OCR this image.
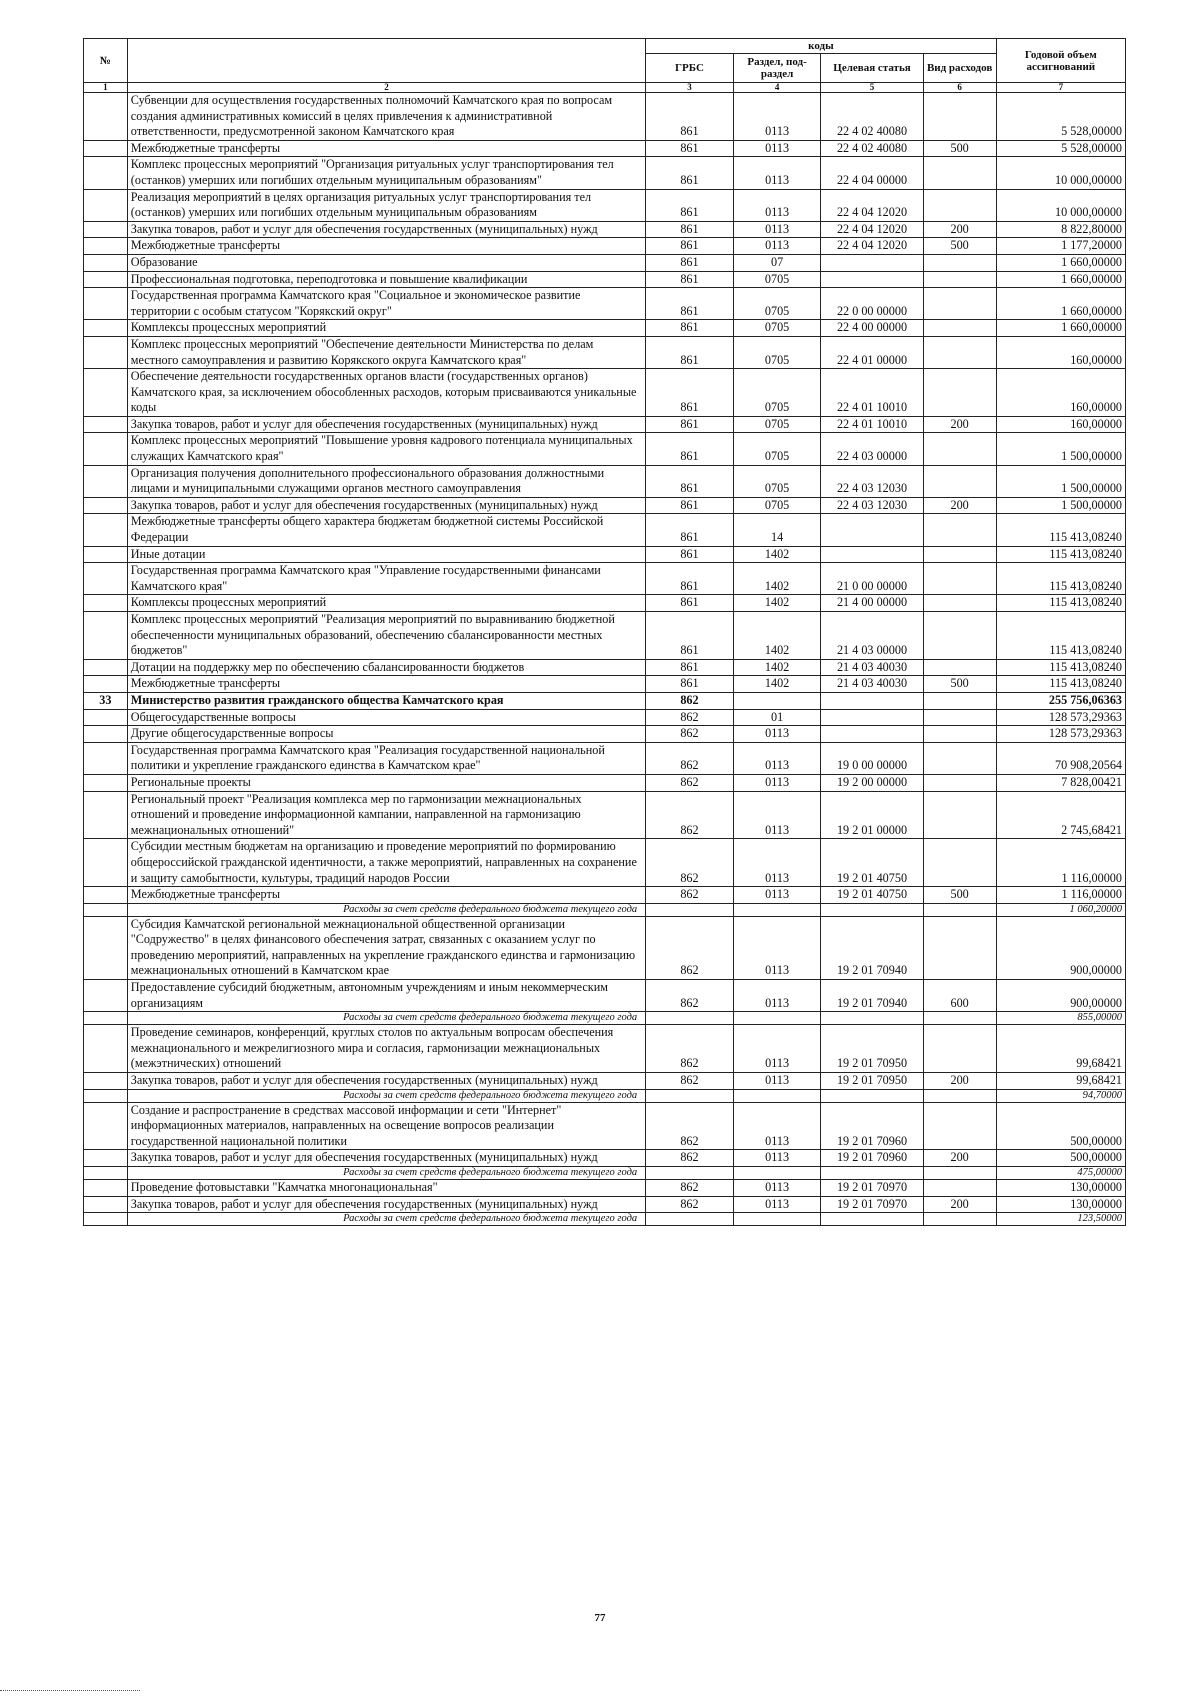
№		коды				Годовой объем ассигнований
		ГРБС	Раздел, под-раздел	Целевая статья	Вид расходов	
1	2	3	4	5	6	7
	Субвенции для осуществления государственных полномочий Камчатского края по вопросам создания административных комиссий в целях привлечения к административной ответственности, предусмотренной законом Камчатского края	861	0113	22 4 02 40080		5 528,00000
	Межбюджетные трансферты	861	0113	22 4 02 40080	500	5 528,00000
	Комплекс процессных мероприятий "Организация ритуальных услуг транспортирования тел (останков) умерших или погибших отдельным муниципальным образованиям"	861	0113	22 4 04 00000		10 000,00000
	Реализация мероприятий в целях организация ритуальных услуг транспортирования тел (останков) умерших или погибших отдельным муниципальным образованиям	861	0113	22 4 04 12020		10 000,00000
	Закупка товаров, работ и услуг для обеспечения государственных (муниципальных) нужд	861	0113	22 4 04 12020	200	8 822,80000
	Межбюджетные трансферты	861	0113	22 4 04 12020	500	1 177,20000
	Образование	861	07			1 660,00000
	Профессиональная подготовка, переподготовка и повышение квалификации	861	0705			1 660,00000
	Государственная программа Камчатского края "Социальное и экономическое развитие территории с особым статусом "Корякский округ"	861	0705	22 0 00 00000		1 660,00000
	Комплексы процессных мероприятий	861	0705	22 4 00 00000		1 660,00000
	Комплекс процессных мероприятий "Обеспечение деятельности Министерства по делам местного самоуправления и развитию Корякского округа Камчатского края"	861	0705	22 4 01 00000		160,00000
	Обеспечение деятельности государственных органов власти (государственных органов) Камчатского края, за исключением обособленных расходов, которым присваиваются уникальные коды	861	0705	22 4 01 10010		160,00000
	Закупка товаров, работ и услуг для обеспечения государственных (муниципальных) нужд	861	0705	22 4 01 10010	200	160,00000
	Комплекс процессных мероприятий "Повышение уровня кадрового потенциала муниципальных служащих Камчатского края"	861	0705	22 4 03 00000		1 500,00000
	Организация получения дополнительного профессионального образования должностными лицами и муниципальными служащими органов местного самоуправления	861	0705	22 4 03 12030		1 500,00000
	Закупка товаров, работ и услуг для обеспечения государственных (муниципальных) нужд	861	0705	22 4 03 12030	200	1 500,00000
	Межбюджетные трансферты общего характера бюджетам бюджетной системы Российской Федерации	861	14			115 413,08240
	Иные дотации	861	1402			115 413,08240
	Государственная программа Камчатского края "Управление государственными финансами Камчатского края"	861	1402	21 0 00 00000		115 413,08240
	Комплексы процессных мероприятий	861	1402	21 4 00 00000		115 413,08240
	Комплекс процессных мероприятий "Реализация мероприятий по выравниванию бюджетной обеспеченности муниципальных образований, обеспечению сбалансированности местных бюджетов"	861	1402	21 4 03 00000		115 413,08240
	Дотации на поддержку мер по обеспечению сбалансированности бюджетов	861	1402	21 4 03 40030		115 413,08240
	Межбюджетные трансферты	861	1402	21 4 03 40030	500	115 413,08240
33	Министерство развития гражданского общества Камчатского края	862				255 756,06363
	Общегосударственные вопросы	862	01			128 573,29363
	Другие общегосударственные вопросы	862	0113			128 573,29363
	Государственная программа Камчатского края "Реализация государственной национальной политики и укрепление гражданского единства в Камчатском крае"	862	0113	19 0 00 00000		70 908,20564
	Региональные проекты	862	0113	19 2 00 00000		7 828,00421
	Региональный проект "Реализация комплекса мер по гармонизации межнациональных отношений и проведение информационной кампании, направленной на гармонизацию межнациональных отношений"	862	0113	19 2 01 00000		2 745,68421
	Субсидии местным бюджетам на организацию и проведение мероприятий по формированию общероссийской гражданской идентичности, а также мероприятий, направленных на сохранение и защиту самобытности, культуры, традиций народов России	862	0113	19 2 01 40750		1 116,00000
	Межбюджетные трансферты	862	0113	19 2 01 40750	500	1 116,00000
	Расходы за счет средств федерального бюджета текущего года					1 060,20000
	Субсидия Камчатской региональной межнациональной общественной организации "Содружество" в целях финансового обеспечения затрат, связанных с оказанием услуг по проведению мероприятий, направленных на укрепление гражданского единства и гармонизацию межнациональных отношений в Камчатском крае	862	0113	19 2 01 70940		900,00000
	Предоставление субсидий бюджетным, автономным учреждениям и иным некоммерческим организациям	862	0113	19 2 01 70940	600	900,00000
	Расходы за счет средств федерального бюджета текущего года					855,00000
	Проведение семинаров, конференций, круглых столов по актуальным вопросам обеспечения межнационального и межрелигиозного мира и согласия, гармонизации межнациональных (межэтнических) отношений	862	0113	19 2 01 70950		99,68421
	Закупка товаров, работ и услуг для обеспечения государственных (муниципальных) нужд	862	0113	19 2 01 70950	200	99,68421
	Расходы за счет средств федерального бюджета текущего года					94,70000
	Создание и распространение в средствах массовой информации и сети "Интернет" информационных материалов, направленных на освещение вопросов реализации государственной национальной политики	862	0113	19 2 01 70960		500,00000
	Закупка товаров, работ и услуг для обеспечения государственных (муниципальных) нужд	862	0113	19 2 01 70960	200	500,00000
	Расходы за счет средств федерального бюджета текущего года					475,00000
	Проведение фотовыставки "Камчатка многонациональная"	862	0113	19 2 01 70970		130,00000
	Закупка товаров, работ и услуг для обеспечения государственных (муниципальных) нужд	862	0113	19 2 01 70970	200	130,00000
	Расходы за счет средств федерального бюджета текущего года					123,50000
77
